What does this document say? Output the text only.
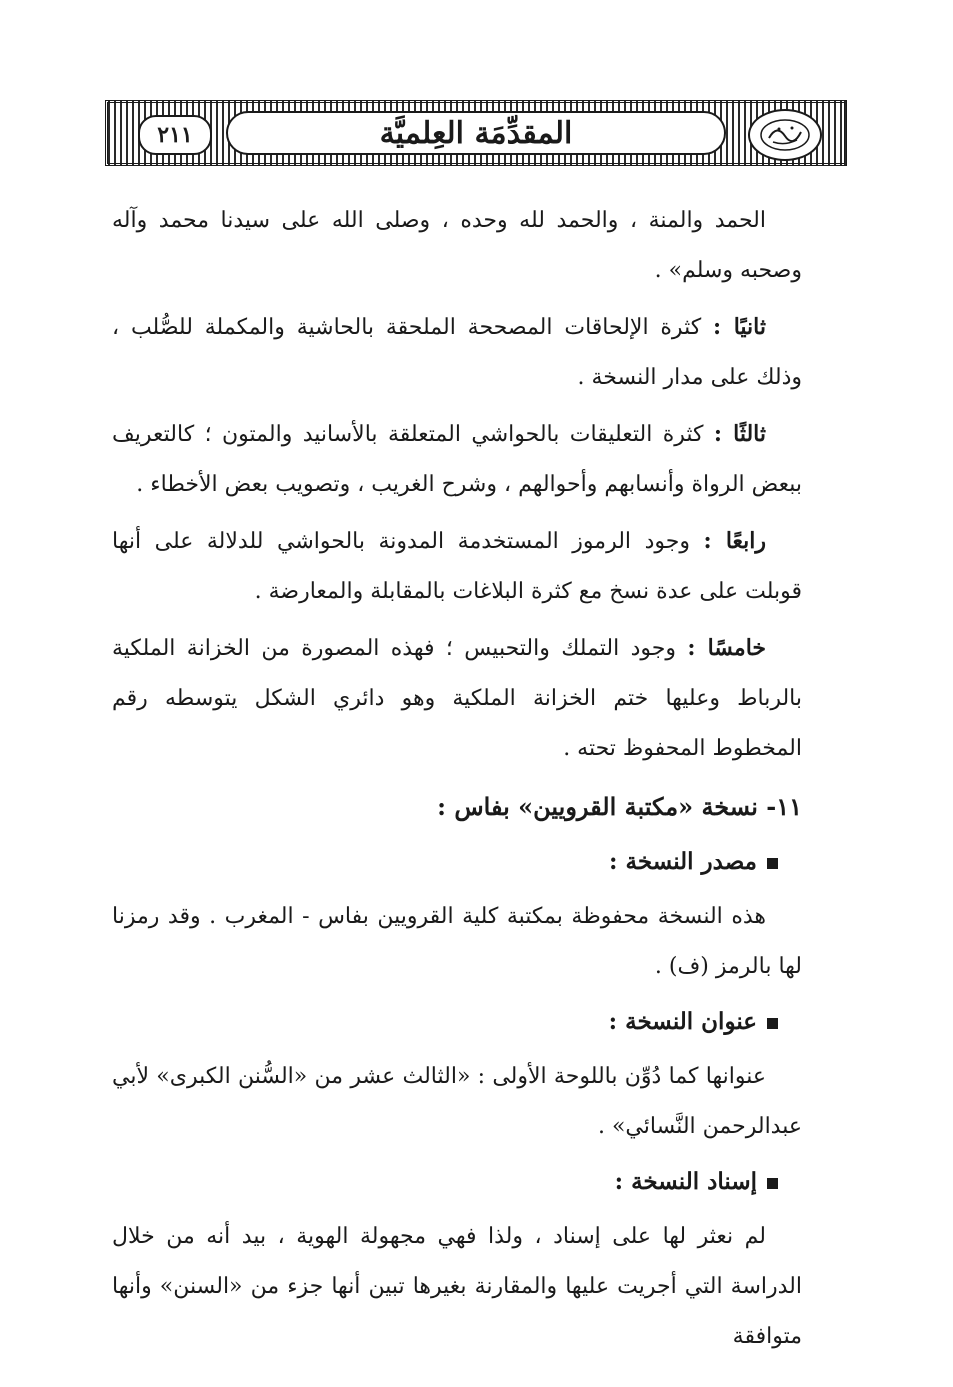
المقدِّمَة العِلميَّة
٢١١

الحمد والمنة ، والحمد لله وحده ، وصلى الله على سيدنا محمد وآله وصحبه وسلم» .

ثانيًا : كثرة الإلحاقات المصححة الملحقة بالحاشية والمكملة للصُّلب ، وذلك على مدار النسخة .

ثالثًا : كثرة التعليقات بالحواشي المتعلقة بالأسانيد والمتون ؛ كالتعريف ببعض الرواة وأنسابهم وأحوالهم ، وشرح الغريب ، وتصويب بعض الأخطاء .

رابعًا : وجود الرموز المستخدمة المدونة بالحواشي للدلالة على أنها قوبلت على عدة نسخ مع كثرة البلاغات بالمقابلة والمعارضة .

خامسًا : وجود التملك والتحبيس ؛ فهذه المصورة من الخزانة الملكية بالرباط وعليها ختم الخزانة الملكية وهو دائري الشكل يتوسطه رقم المخطوط المحفوظ تحته .

١١- نسخة «مكتبة القرويين» بفاس :
مصدر النسخة :

هذه النسخة محفوظة بمكتبة كلية القرويين بفاس - المغرب . وقد رمزنا لها بالرمز (ف) .

عنوان النسخة :

عنوانها كما دُوِّن باللوحة الأولى : «الثالث عشر من «السُّنن الكبرى» لأبي عبدالرحمن النَّسائي» .

إسناد النسخة :

لم نعثر لها على إسناد ، ولذا فهي مجهولة الهوية ، بيد أنه من خلال الدراسة التي أجريت عليها والمقارنة بغيرها تبين أنها جزء من «السنن» وأنها متوافقة
